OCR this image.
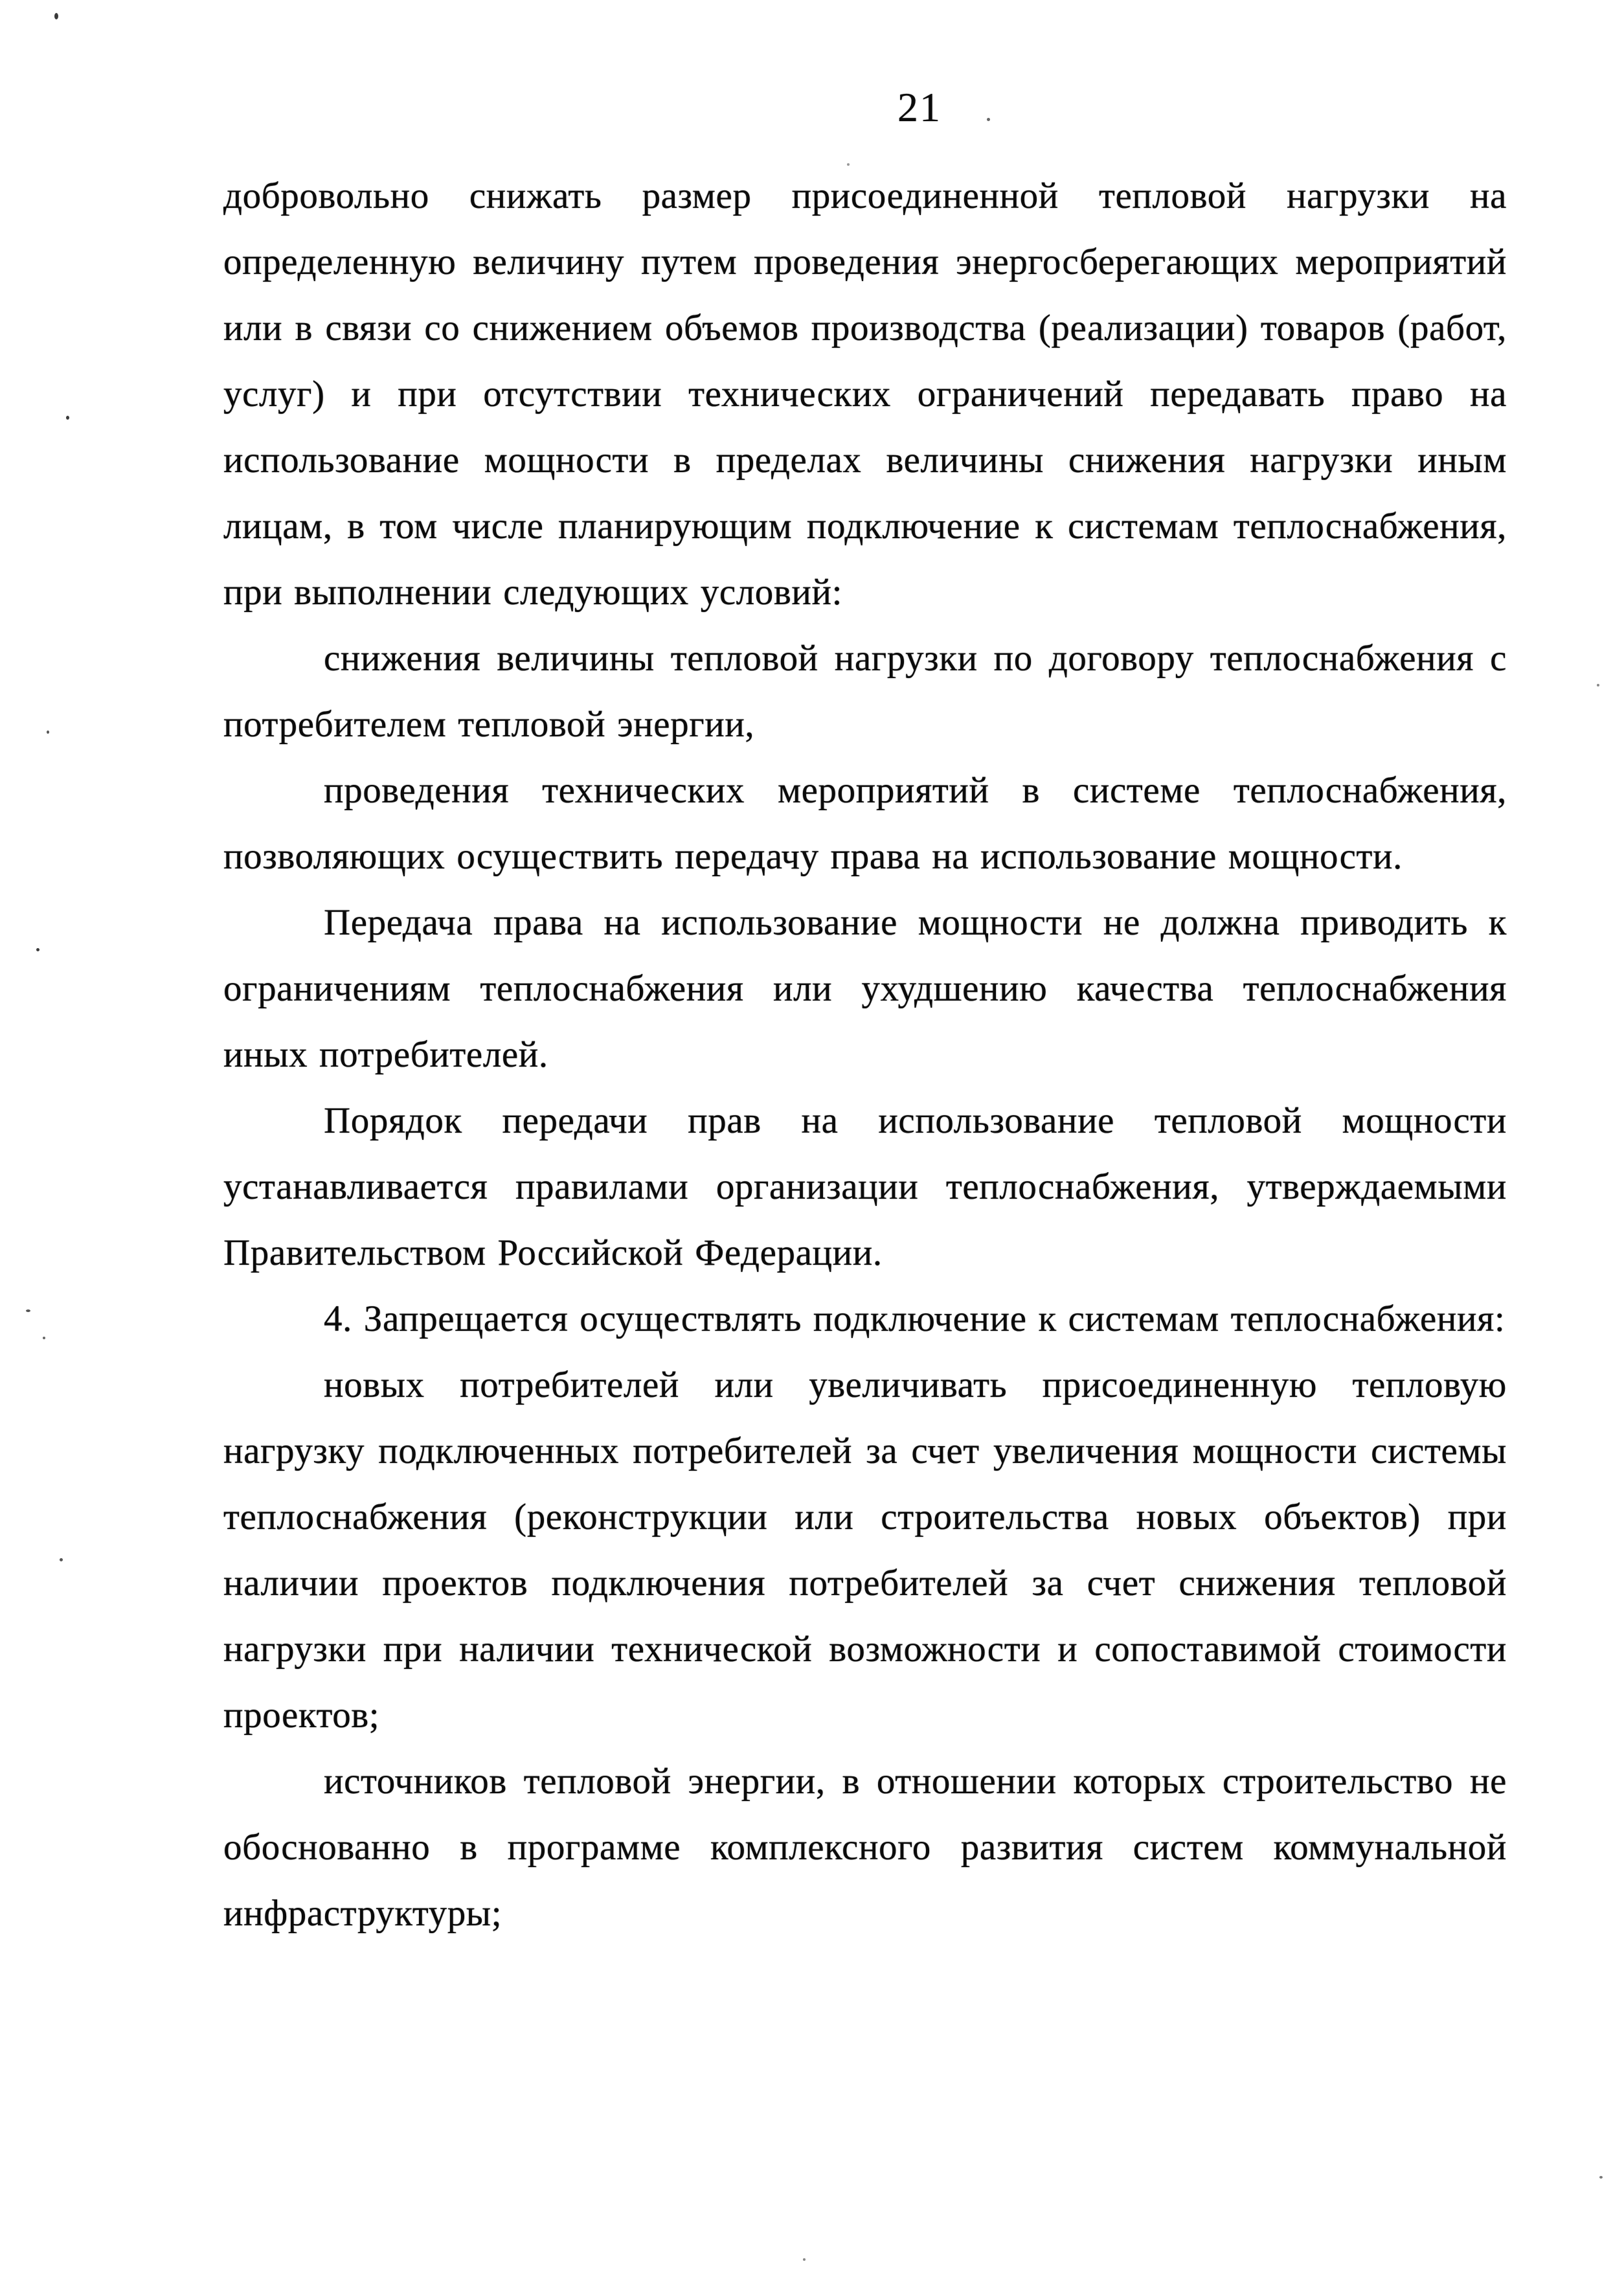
21

добровольно снижать размер присоединенной тепловой нагрузки на определенную величину путем проведения энергосберегающих мероприятий или в связи со снижением объемов производства (реализации) товаров (работ, услуг) и при отсутствии технических ограничений передавать право на использование мощности в пределах величины снижения нагрузки иным лицам, в том числе планирующим подключение к системам теплоснабжения, при выполнении следующих условий:

снижения величины тепловой нагрузки по договору теплоснабжения с потребителем тепловой энергии,

проведения технических мероприятий в системе теплоснабжения, позволяющих осуществить передачу права на использование мощности.

Передача права на использование мощности не должна приводить к ограничениям теплоснабжения или ухудшению качества теплоснабжения иных потребителей.

Порядок передачи прав на использование тепловой мощности устанавливается правилами организации теплоснабжения, утверждаемыми Правительством Российской Федерации.

4. Запрещается осуществлять подключение к системам теплоснабжения:

новых потребителей или увеличивать присоединенную тепловую нагрузку подключенных потребителей за счет увеличения мощности системы теплоснабжения (реконструкции или строительства новых объектов) при наличии проектов подключения потребителей за счет снижения тепловой нагрузки при наличии технической возможности и сопоставимой стоимости проектов;

источников тепловой энергии, в отношении которых строительство не обоснованно в программе комплексного развития систем коммунальной инфраструктуры;
